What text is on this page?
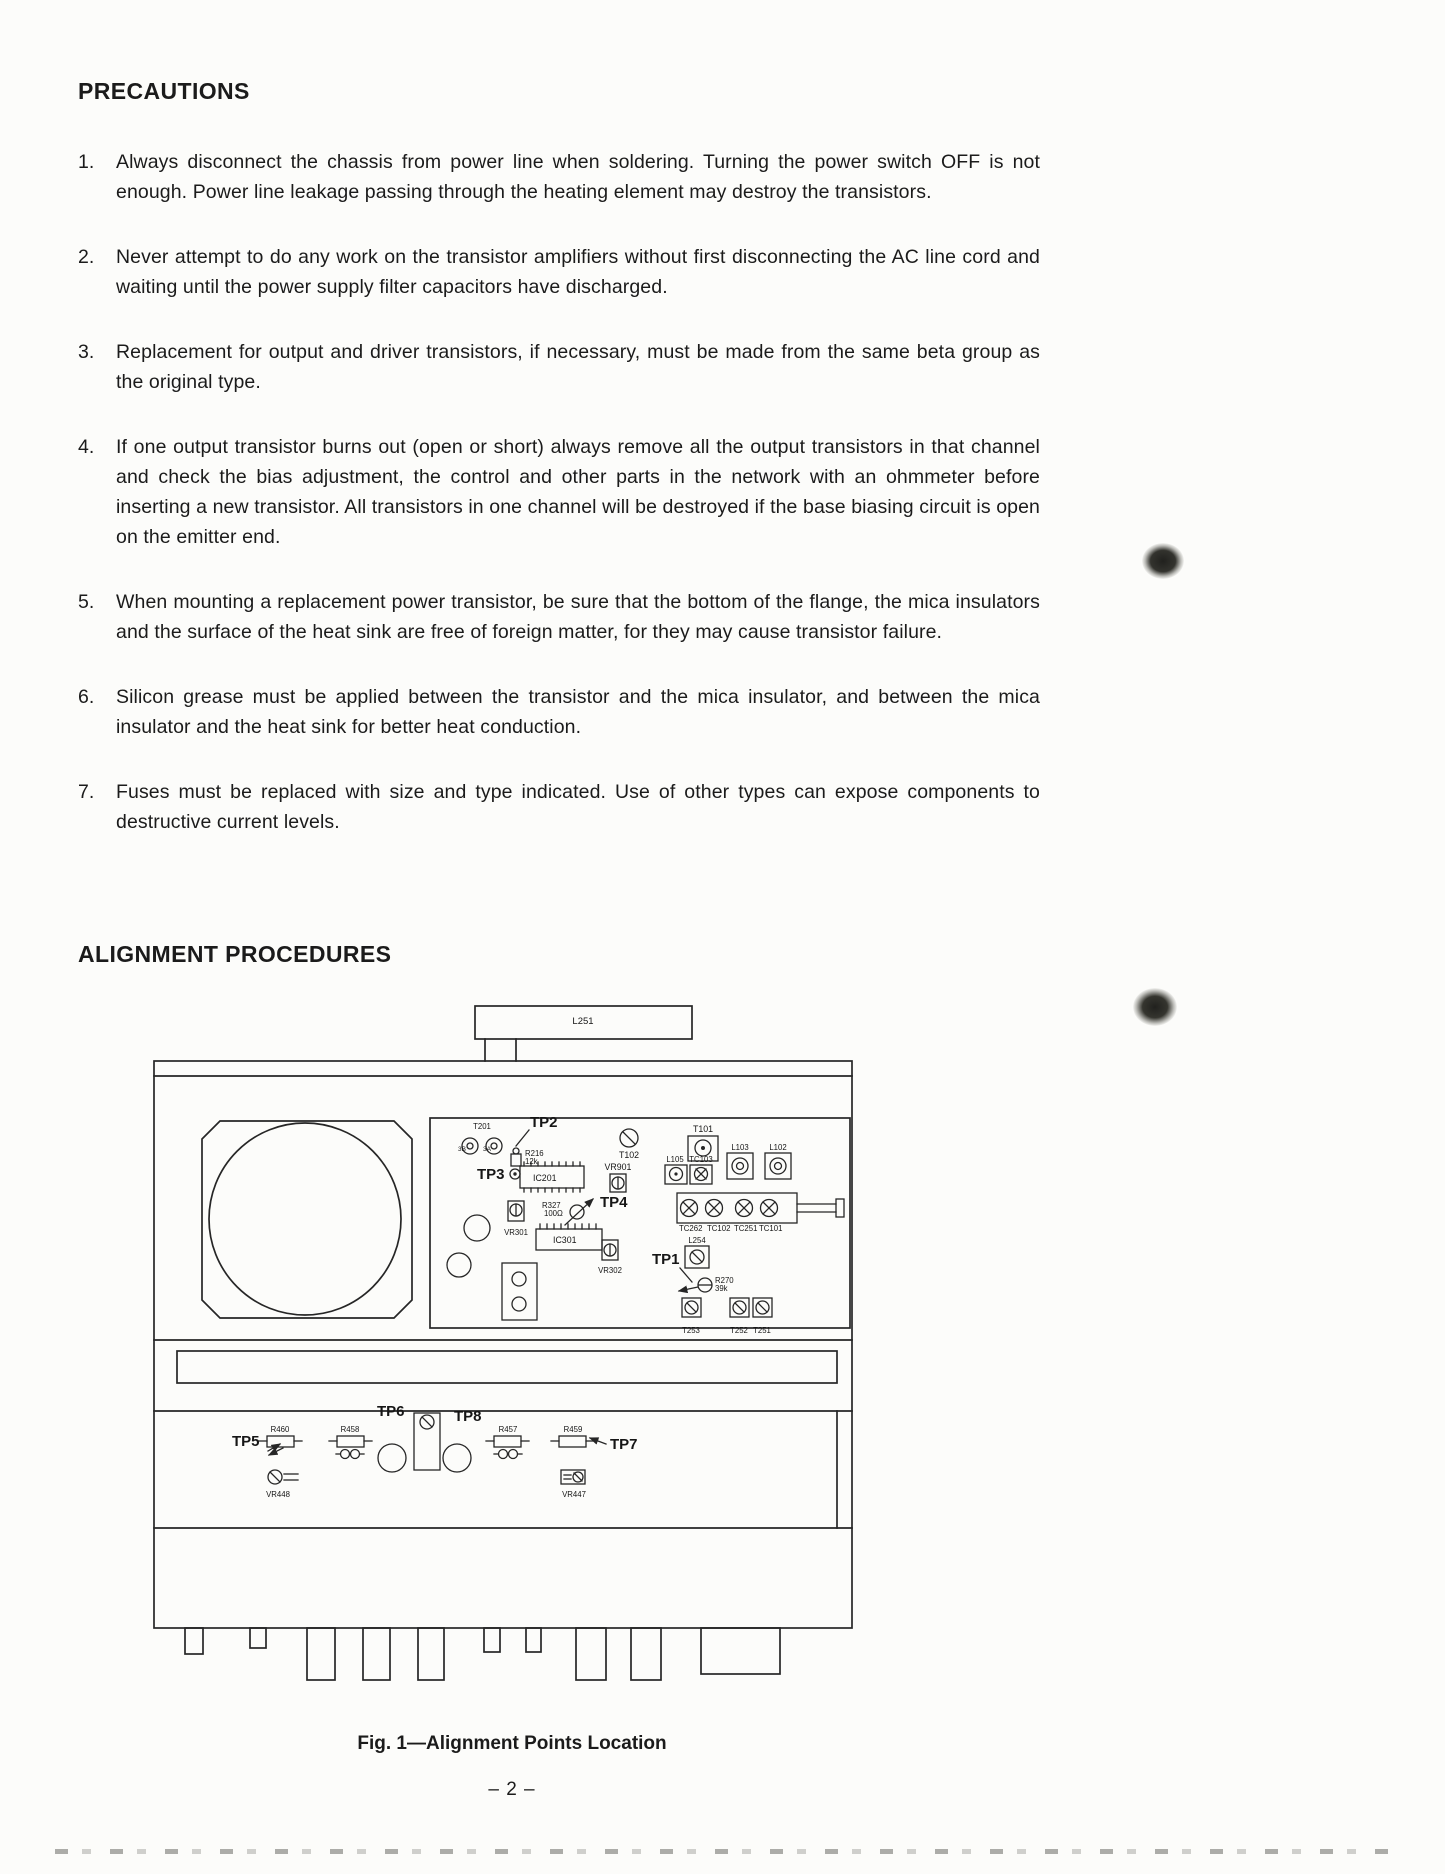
PRECAUTIONS
1.	Always disconnect the chassis from power line when soldering. Turning the power switch OFF is not enough. Power line leakage passing through the heating element may destroy the transistors.
2.	Never attempt to do any work on the transistor amplifiers without first disconnecting the AC line cord and waiting until the power supply filter capacitors have discharged.
3.	Replacement for output and driver transistors, if necessary, must be made from the same beta group as the original type.
4.	If one output transistor burns out (open or short) always remove all the output transistors in that channel and check the bias adjustment, the control and other parts in the network with an ohmmeter before inserting a new transistor. All transistors in one channel will be destroyed if the base biasing circuit is open on the emitter end.
5.	When mounting a replacement power transistor, be sure that the bottom of the flange, the mica insulators and the surface of the heat sink are free of foreign matter, for they may cause transistor failure.
6.	Silicon grease must be applied between the transistor and the mica insulator, and between the mica insulator and the heat sink for better heat conduction.
7.	Fuses must be replaced with size and type indicated. Use of other types can expose components to destructive current levels.
ALIGNMENT PROCEDURES
L251
T201
3B	3A
TP2
R216
12k
TP3	IC201
T102
VR901
T101
L105 TC103
L103	L102
R327
100Ω
TP4
TC262 TC102 TC251 TC101
VR301
IC301
VR302
TP1
L254
R270
39k
T253	T252 T251
TP6	TP8
TP5
R460	R458	R457	R459
TP7
VR448	VR447
Fig. 1—Alignment Points Location
– 2 –
